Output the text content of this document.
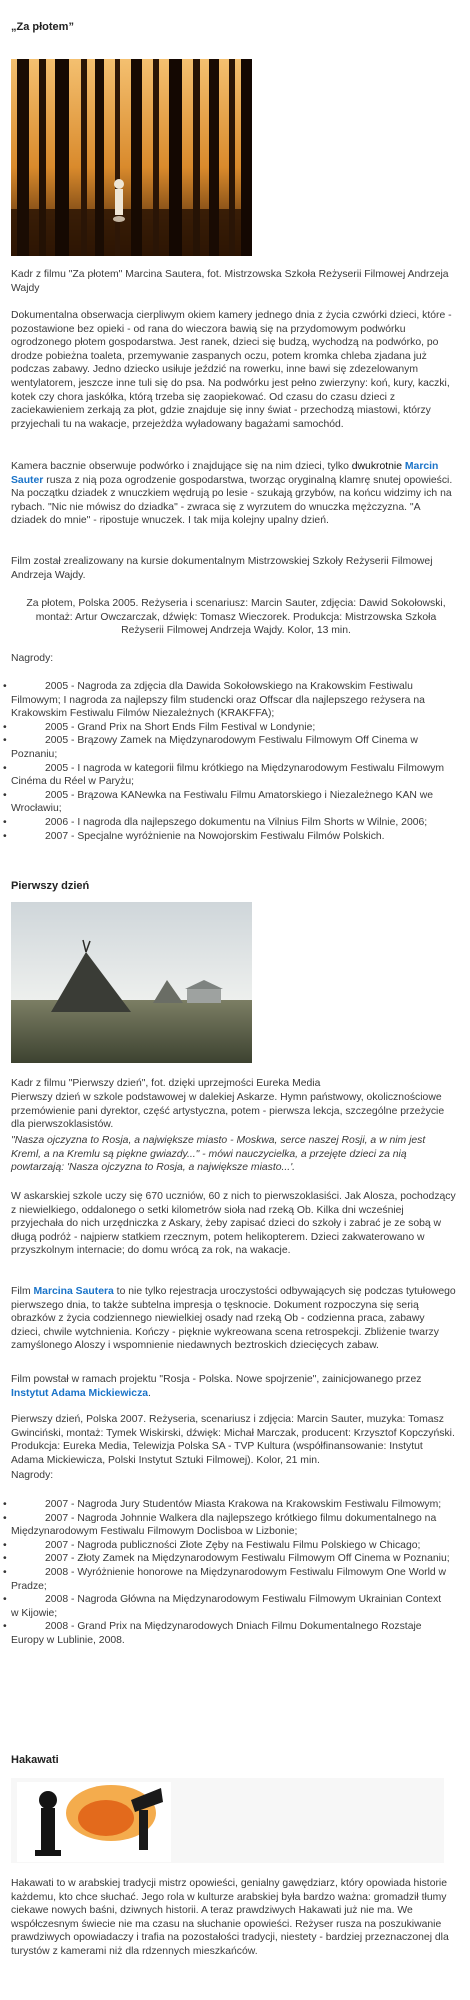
„Za płotem”

Kadr z filmu "Za płotem" Marcina Sautera, fot. Mistrzowska Szkoła Reżyserii Filmowej Andrzeja Wajdy

Dokumentalna obserwacja cierpliwym okiem kamery jednego dnia z życia czwórki dzieci, które - pozostawione bez opieki - od rana do wieczora bawią się na przydomowym podwórku ogrodzonego płotem gospodarstwa. Jest ranek, dzieci się budzą, wychodzą na podwórko, po drodze pobieżna toaleta, przemywanie zaspanych oczu, potem kromka chleba zjadana już podczas zabawy. Jedno dziecko usiłuje jeździć na rowerku, inne bawi się zdezelowanym wentylatorem, jeszcze inne tuli się do psa. Na podwórku jest pełno zwierzyny: koń, kury, kaczki, kotek czy chora jaskółka, którą trzeba się zaopiekować. Od czasu do czasu dzieci z zaciekawieniem zerkają za płot, gdzie znajduje się inny świat - przechodzą miastowi, którzy przyjechali tu na wakacje, przejeżdża wyładowany bagażami samochód.

Kamera bacznie obserwuje podwórko i znajdujące się na nim dzieci, tylko dwukrotnie Marcin Sauter rusza z nią poza ogrodzenie gospodarstwa, tworząc oryginalną klamrę snutej opowieści. Na początku dziadek z wnuczkiem wędrują po lesie - szukają grzybów, na końcu widzimy ich na rybach. "Nic nie mówisz do dziadka" - zwraca się z wyrzutem do wnuczka mężczyzna. "A dziadek do mnie" - ripostuje wnuczek. I tak mija kolejny upalny dzień.

Film został zrealizowany na kursie dokumentalnym Mistrzowskiej Szkoły Reżyserii Filmowej Andrzeja Wajdy.

Za płotem, Polska 2005. Reżyseria i scenariusz: Marcin Sauter, zdjęcia: Dawid Sokołowski, montaż: Artur Owczarczak, dźwięk: Tomasz Wieczorek. Produkcja: Mistrzowska Szkoła Reżyserii Filmowej Andrzeja Wajdy. Kolor, 13 min.

Nagrody:

• 2005 - Nagroda za zdjęcia dla Dawida Sokołowskiego na Krakowskim Festiwalu Filmowym; I nagroda za najlepszy film studencki oraz Offscar dla najlepszego reżysera na Krakowskim Festiwalu Filmów Niezależnych (KRAKFFA);
• 2005 - Grand Prix na Short Ends Film Festival w Londynie;
• 2005 - Brązowy Zamek na Międzynarodowym Festiwalu Filmowym Off Cinema w Poznaniu;
• 2005 - I nagroda w kategorii filmu krótkiego na Międzynarodowym Festiwalu Filmowym Cinéma du Réel w Paryżu;
• 2005 - Brązowa KANewka na Festiwalu Filmu Amatorskiego i Niezależnego KAN we Wrocławiu;
• 2006 - I nagroda dla najlepszego dokumentu na Vilnius Film Shorts w Wilnie, 2006;
• 2007 - Specjalne wyróżnienie na Nowojorskim Festiwalu Filmów Polskich.
Pierwszy dzień

Kadr z filmu "Pierwszy dzień", fot. dzięki uprzejmości Eureka Media

Pierwszy dzień w szkole podstawowej w dalekiej Askarze. Hymn państwowy, okolicznościowe przemówienie pani dyrektor, część artystyczna, potem - pierwsza lekcja, szczególne przeżycie dla pierwszoklasistów.

"Nasza ojczyzna to Rosja, a największe miasto - Moskwa, serce naszej Rosji, a w nim jest Kreml, a na Kremlu są piękne gwiazdy..." - mówi nauczycielka, a przejęte dzieci za nią powtarzają: 'Nasza ojczyzna to Rosja, a największe miasto...'.

W askarskiej szkole uczy się 670 uczniów, 60 z nich to pierwszoklasiści. Jak Alosza, pochodzący z niewielkiego, oddalonego o setki kilometrów sioła nad rzeką Ob. Kilka dni wcześniej przyjechała do nich urzędniczka z Askary, żeby zapisać dzieci do szkoły i zabrać je ze sobą w długą podróż - najpierw statkiem rzecznym, potem helikopterem. Dzieci zakwaterowano w przyszkolnym internacie; do domu wrócą za rok, na wakacje.

Film Marcina Sautera to nie tylko rejestracja uroczystości odbywających się podczas tytułowego pierwszego dnia, to także subtelna impresja o tęsknocie. Dokument rozpoczyna się serią obrazków z życia codziennego niewielkiej osady nad rzeką Ob - codzienna praca, zabawy dzieci, chwile wytchnienia. Kończy - pięknie wykreowana scena retrospekcji. Zbliżenie twarzy zamyślonego Aloszy i wspomnienie niedawnych beztroskich dziecięcych zabaw.

Film powstał w ramach projektu "Rosja - Polska. Nowe spojrzenie", zainicjowanego przez Instytut Adama Mickiewicza.

Pierwszy dzień, Polska 2007. Reżyseria, scenariusz i zdjęcia: Marcin Sauter, muzyka: Tomasz Gwinciński, montaż: Tymek Wiskirski, dźwięk: Michał Marczak, producent: Krzysztof Kopczyński. Produkcja: Eureka Media, Telewizja Polska SA - TVP Kultura (współfinansowanie: Instytut Adama Mickiewicza, Polski Instytut Sztuki Filmowej). Kolor, 21 min.

Nagrody:

• 2007 - Nagroda Jury Studentów Miasta Krakowa na Krakowskim Festiwalu Filmowym;
• 2007 - Nagroda Johnnie Walkera dla najlepszego krótkiego filmu dokumentalnego na Międzynarodowym Festiwalu Filmowym Doclisboa w Lizbonie;
• 2007 - Nagroda publiczności Złote Zęby na Festiwalu Filmu Polskiego w Chicago;
• 2007 - Złoty Zamek na Międzynarodowym Festiwalu Filmowym Off Cinema w Poznaniu;
• 2008 - Wyróżnienie honorowe na Międzynarodowym Festiwalu Filmowym One World w Pradze;
• 2008 - Nagroda Główna na Międzynarodowym Festiwalu Filmowym Ukrainian Context w Kijowie;
• 2008 - Grand Prix na Międzynarodowych Dniach Filmu Dokumentalnego Rozstaje Europy w Lublinie, 2008.
Hakawati

Hakawati to w arabskiej tradycji mistrz opowieści, genialny gawędziarz, który opowiada historie każdemu, kto chce słuchać. Jego rola w kulturze arabskiej była bardzo ważna: gromadził tłumy ciekawe nowych baśni, dziwnych historii. A teraz prawdziwych Hakawati już nie ma. We współczesnym świecie nie ma czasu na słuchanie opowieści. Reżyser rusza na poszukiwanie prawdziwych opowiadaczy i trafia na pozostałości tradycji, niestety - bardziej przeznaczonej dla turystów z kamerami niż dla rdzennych mieszkańców.
